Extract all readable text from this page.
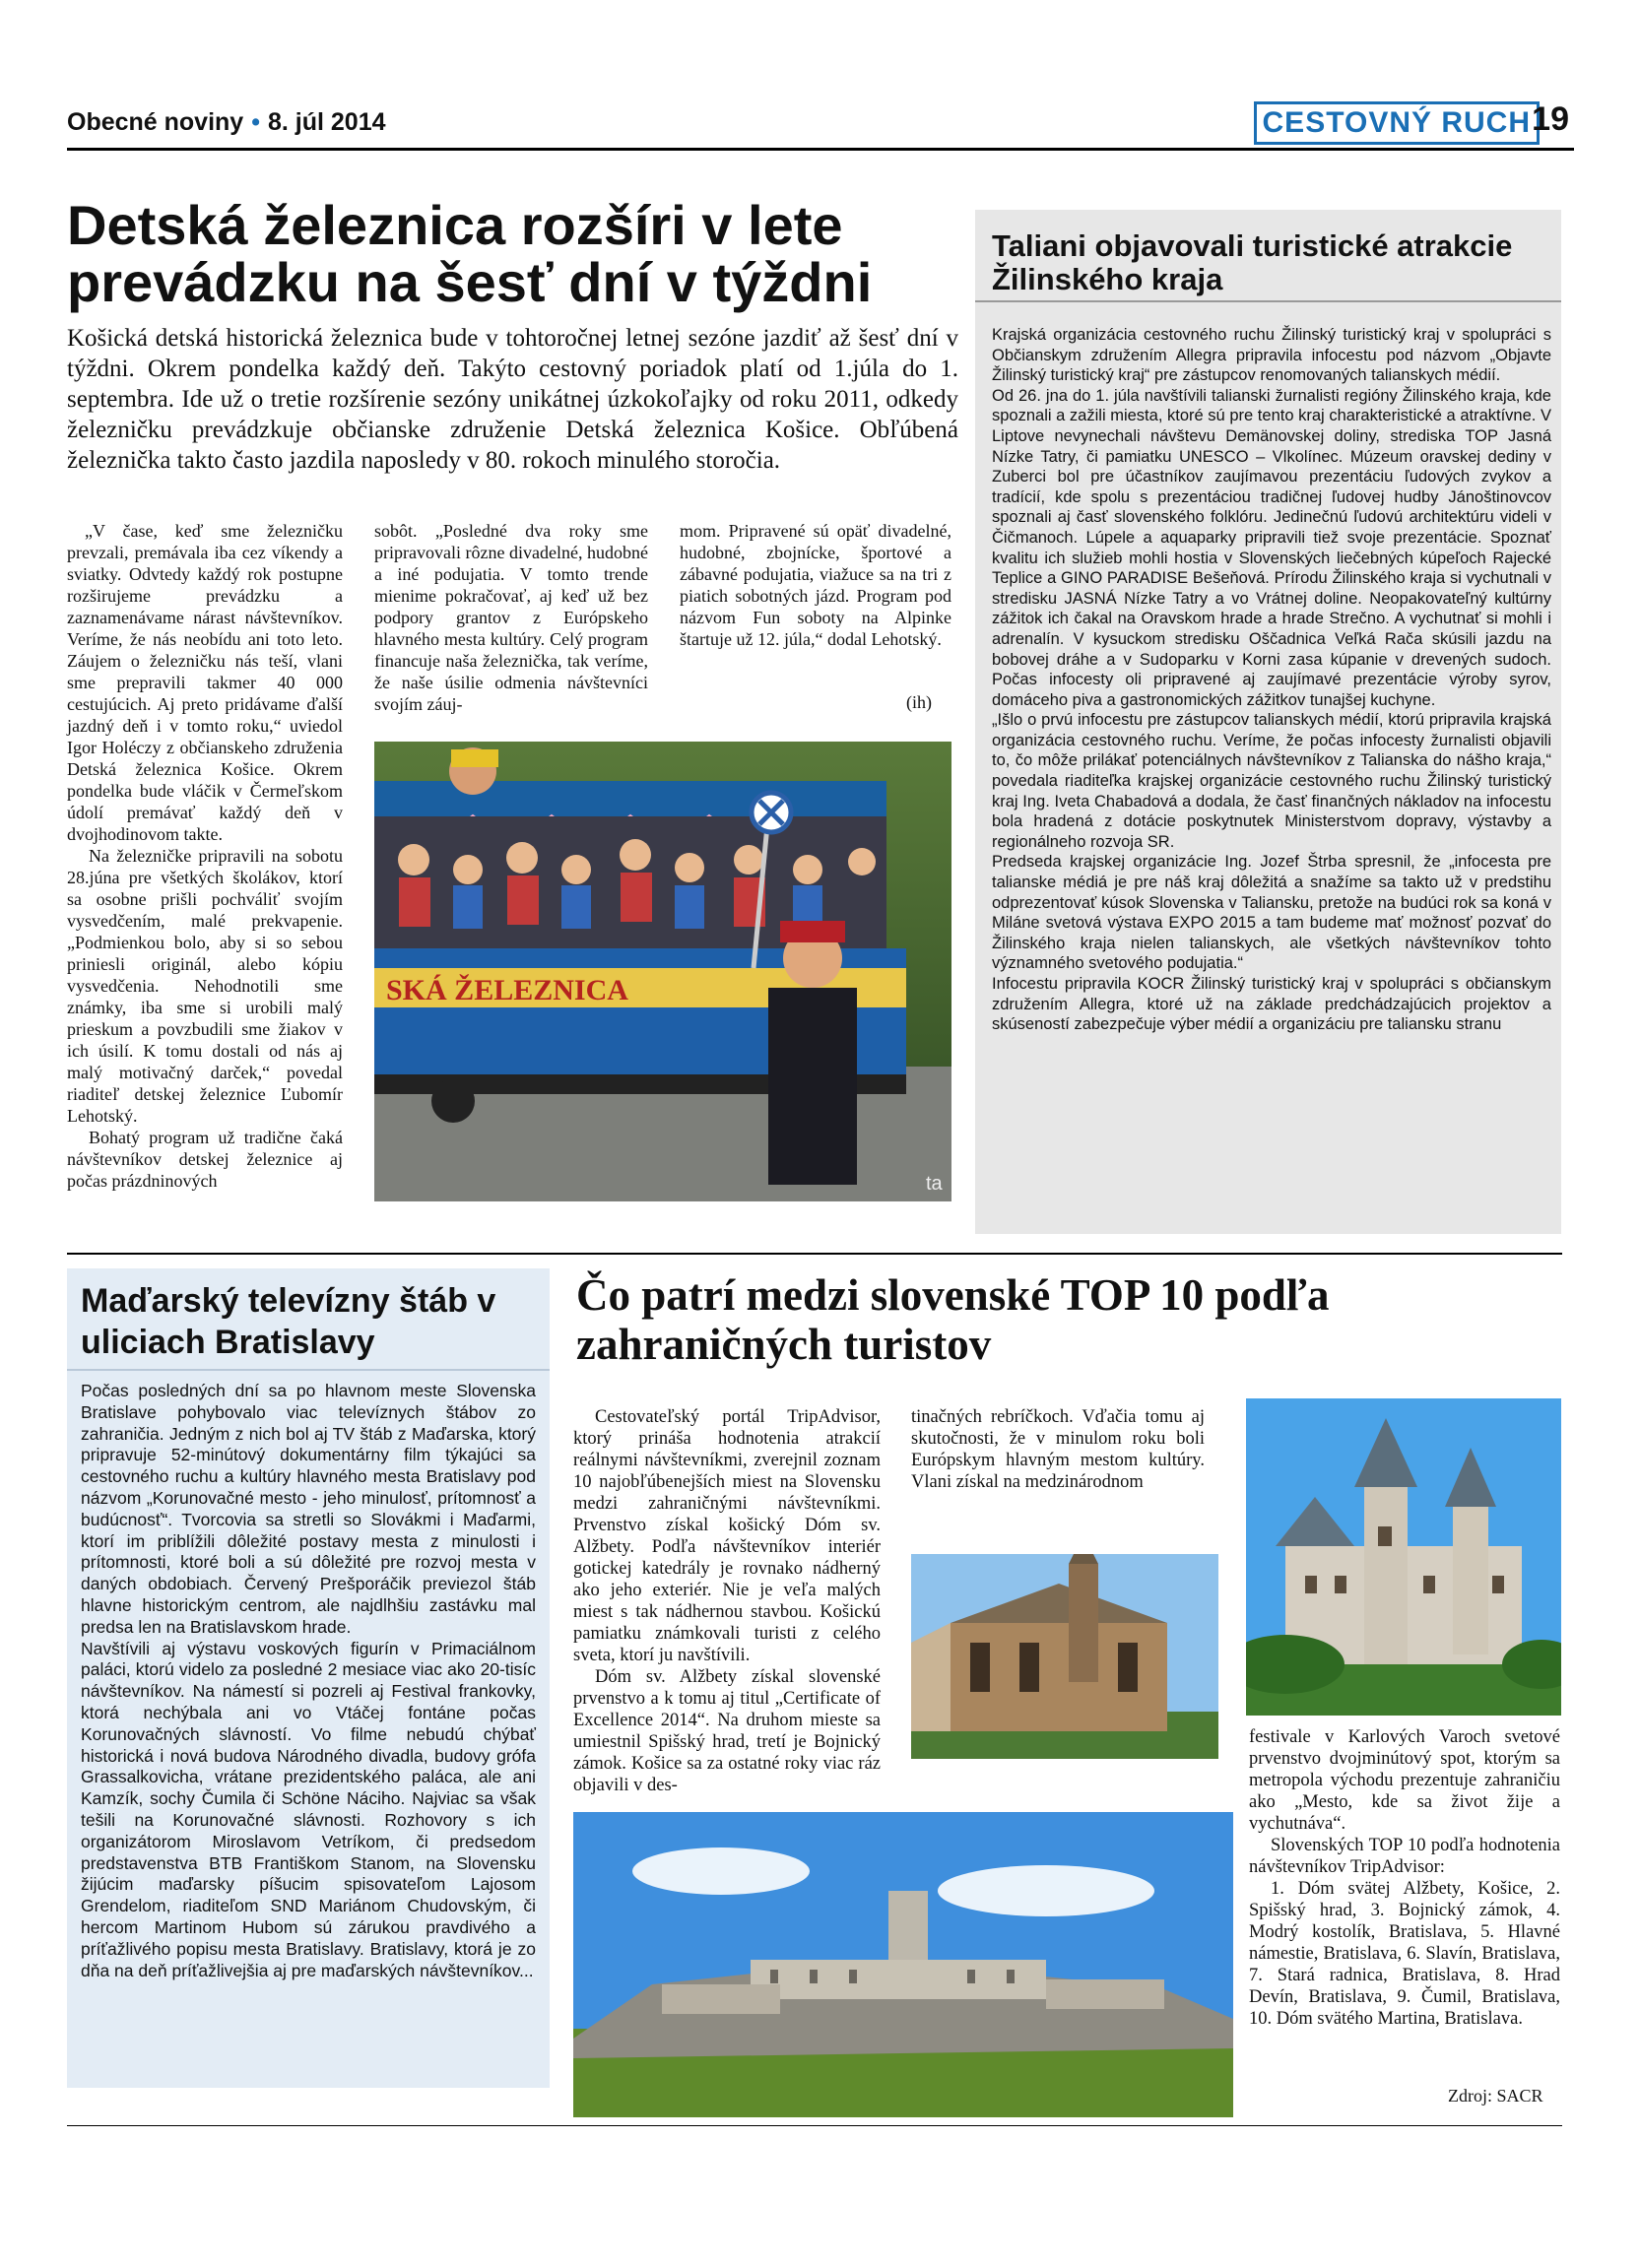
Obecné noviny • 8. júl 2014	CESTOVNÝ RUCH 19
Detská železnica rozšíri v lete prevádzku na šesť dní v týždni
Košická detská historická železnica bude v tohtoročnej letnej sezóne jazdiť až šesť dní v týždni. Okrem pondelka každý deň. Takýto cestovný poriadok platí od 1.júla do 1. septembra. Ide už o tretie rozšírenie sezóny unikátnej úzkokoľajky od roku 2011, odkedy železničku prevádzkuje občianske združenie Detská železnica Košice. Obľúbená železnička takto často jazdila naposledy v 80. rokoch minulého storočia.

„V čase, keď sme železničku prevzali, premávala iba cez víkendy a sviatky. Odvtedy každý rok postupne rozširujeme prevádzku a zaznamenávame nárast návštevníkov. Veríme, že nás neobídu ani toto leto. Záujem o železničku nás teší, vlani sme prepravili takmer 40 000 cestujúcich. Aj preto pridávame ďalší jazdný deň i v tomto roku,“ uviedol Igor Holéczy z občianskeho združenia Detská železnica Košice. Okrem pondelka bude vláčik v Čermeľskom údolí premávať každý deň v dvojhodinovom takte.

Na železničke pripravili na sobotu 28.júna pre všetkých školákov, ktorí sa osobne prišli pochváliť svojím vysvedčením, malé prekvapenie. „Podmienkou bolo, aby si so sebou priniesli originál, alebo kópiu vysvedčenia. Nehodnotili sme známky, iba sme si urobili malý prieskum a povzbudili sme žiakov v ich úsilí. K tomu dostali od nás aj malý motivačný darček,“ povedal riaditeľ detskej železnice Ľubomír Lehotský.

Bohatý program už tradične čaká návštevníkov detskej železnice aj počas prázdninových

sobôt. „Posledné dva roky sme pripravovali rôzne divadelné, hudobné a iné podujatia. V tomto trende mienime pokračovať, aj keď už bez podpory grantov z Európskeho hlavného mesta kultúry. Celý program financuje naša železnička, tak veríme, že naše úsilie odmenia návštevníci svojím záuj-

mom. Pripravené sú opäť divadelné, hudobné, zbojnícke, športové a zábavné podujatia, viažuce sa na tri z piatich sobotných jázd. Program pod názvom Fun soboty na Alpinke štartuje už 12. júla,“ dodal Lehotský.

(ih)
SKÁ ŽELEZNICA
ta
Taliani objavovali turistické atrakcie Žilinského kraja
Krajská organizácia cestovného ruchu Žilinský turistický kraj v spolupráci s Občianskym združením Allegra pripravila infocestu pod názvom „Objavte Žilinský turistický kraj“ pre zástupcov renomovaných talianskych médií.
Od 26. jna do 1. júla navštívili talianski žurnalisti regióny Žilinského kraja, kde spoznali a zažili miesta, ktoré sú pre tento kraj charakteristické a atraktívne. V Liptove nevynechali návštevu Demänovskej doliny, strediska TOP Jasná Nízke Tatry, či pamiatku UNESCO – Vlkolínec. Múzeum oravskej dediny v Zuberci bol pre účastníkov zaujímavou prezentáciu ľudových zvykov a tradícií, kde spolu s prezentáciou tradičnej ľudovej hudby Jánoštinovcov spoznali aj časť slovenského folklóru. Jedinečnú ľudovú architektúru videli v Čičmanoch. Lúpele a aquaparky pripravili tiež svoje prezentácie. Spoznať kvalitu ich služieb mohli hostia v Slovenských liečebných kúpeľoch Rajecké Teplice a GINO PARADISE Bešeňová. Prírodu Žilinského kraja si vychutnali v stredisku JASNÁ Nízke Tatry a vo Vrátnej doline. Neopakovateľný kultúrny zážitok ich čakal na Oravskom hrade a hrade Strečno. A vychutnať si mohli i adrenalín. V kysuckom stredisku Oščadnica Veľká Rača skúsili jazdu na bobovej dráhe a v Sudoparku v Korni zasa kúpanie v drevených sudoch. Počas infocesty oli pripravené aj zaujímavé prezentácie výroby syrov, domáceho piva a gastronomických zážitkov tunajšej kuchyne.
„Išlo o prvú infocestu pre zástupcov talianskych médií, ktorú pripravila krajská organizácia cestovného ruchu. Veríme, že počas infocesty žurnalisti objavili to, čo môže prilákať potenciálnych návštevníkov z Talianska do nášho kraja,“ povedala riaditeľka krajskej organizácie cestovného ruchu Žilinský turistický kraj Ing. Iveta Chabadová a dodala, že časť finančných nákladov na infocestu bola hradená z dotácie poskytnutek Ministerstvom dopravy, výstavby a regionálneho rozvoja SR.
Predseda krajskej organizácie Ing. Jozef Štrba spresnil, že „infocesta pre talianske médiá je pre náš kraj dôležitá a snažíme sa takto už v predstihu odprezentovať kúsok Slovenska v Taliansku, pretože na budúci rok sa koná v Miláne svetová výstava EXPO 2015 a tam budeme mať možnosť pozvať do Žilinského kraja nielen talianskych, ale všetkých návštevníkov tohto významného svetového podujatia.“
Infocestu pripravila KOCR Žilinský turistický kraj v spolupráci s občianskym združením Allegra, ktoré už na základe predchádzajúcich projektov a skúseností zabezpečuje výber médií a organizáciu pre taliansku stranu
Maďarský televízny štáb v uliciach Bratislavy
Počas posledných dní sa po hlavnom meste Slovenska Bratislave pohybovalo viac televíznych štábov zo zahraničia. Jedným z nich bol aj TV štáb z Maďarska, ktorý pripravuje 52-minútový dokumentárny film týkajúci sa cestovného ruchu a kultúry hlavného mesta Bratislavy pod názvom „Korunovačné mesto - jeho minulosť, prítomnosť a budúcnosť“. Tvorcovia sa stretli so Slovákmi i Maďarmi, ktorí im priblížili dôležité postavy mesta z minulosti i prítomnosti, ktoré boli a sú dôležité pre rozvoj mesta v daných obdobiach. Červený Prešporáčik previezol štáb hlavne historickým centrom, ale najdlhšiu zastávku mal predsa len na Bratislavskom hrade.
Navštívili aj výstavu voskových figurín v Primaciálnom paláci, ktorú videlo za posledné 2 mesiace viac ako 20-tisíc návštevníkov. Na námestí si pozreli aj Festival frankovky, ktorá nechýbala ani vo Vtáčej fontáne počas Korunovačných slávností. Vo filme nebudú chýbať historická i nová budova Národného divadla, budovy grófa Grassalkovicha, vrátane prezidentského paláca, ale ani Kamzík, sochy Čumila či Schöne Náciho. Najviac sa však tešili na Korunovačné slávnosti. Rozhovory s ich organizátorom Miroslavom Vetríkom, či predsedom predstavenstva BTB Františkom Stanom, na Slovensku žijúcim maďarsky píšucim spisovateľom Lajosom Grendelom, riaditeľom SND Mariánom Chudovským, či hercom Martinom Hubom sú zárukou pravdivého a príťažlivého popisu mesta Bratislavy. Bratislavy, ktorá je zo dňa na deň príťažlivejšia aj pre maďarských návštevníkov...
Čo patrí medzi slovenské TOP 10 podľa zahraničných turistov

Cestovateľský portál TripAdvisor, ktorý prináša hodnotenia atrakcií reálnymi návštevníkmi, zverejnil zoznam 10 najobľúbenejších miest na Slovensku medzi zahraničnými návštevníkmi. Prvenstvo získal košický Dóm sv. Alžbety. Podľa návštevníkov interiér gotickej katedrály je rovnako nádherný ako jeho exteriér. Nie je veľa malých miest s tak nádhernou stavbou. Košickú pamiatku známkovali turisti z celého sveta, ktorí ju navštívili.

Dóm sv. Alžbety získal slovenské prvenstvo a k tomu aj titul „Certificate of Excellence 2014“. Na druhom mieste sa umiestnil Spišský hrad, tretí je Bojnický zámok. Košice sa za ostatné roky viac ráz objavili v des-

tinačných rebríčkoch. Vďačia tomu aj skutočnosti, že v minulom roku boli Európskym hlavným mestom kultúry. Vlani získal na medzinárodnom

festivale v Karlových Varoch svetové prvenstvo dvojminútový spot, ktorým sa metropola východu prezentuje zahraničiu ako „Mesto, kde sa život žije a vychutnáva“.

Slovenských TOP 10 podľa hodnotenia návštevníkov TripAdvisor:

1. Dóm svätej Alžbety, Košice, 2. Spišský hrad, 3. Bojnický zámok, 4. Modrý kostolík, Bratislava, 5. Hlavné námestie, Bratislava, 6. Slavín, Bratislava, 7. Stará radnica, Bratislava, 8. Hrad Devín, Bratislava, 9. Čumil, Bratislava, 10. Dóm svätého Martina, Bratislava.

Zdroj: SACR
